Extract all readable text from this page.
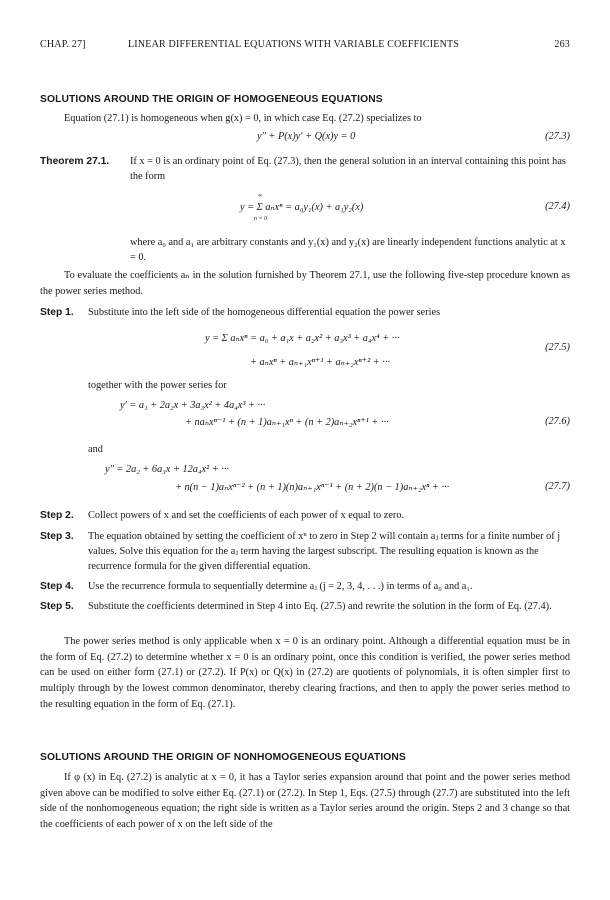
CHAP. 27]	LINEAR DIFFERENTIAL EQUATIONS WITH VARIABLE COEFFICIENTS	263
SOLUTIONS AROUND THE ORIGIN OF HOMOGENEOUS EQUATIONS

Equation (27.1) is homogeneous when g(x) = 0, in which case Eq. (27.2) specializes to

y″ + P(x)y′ + Q(x)y = 0	(27.3)
Theorem 27.1. If x = 0 is an ordinary point of Eq. (27.3), then the general solution in an interval containing this point has the form
∞
n = 0
y = Σ aₙxⁿ = a₀y₁(x) + a₁y₂(x)	(27.4)
where a₀ and a₁ are arbitrary constants and y₁(x) and y₂(x) are linearly independent functions analytic at x = 0.

To evaluate the coefficients aₙ in the solution furnished by Theorem 27.1, use the following five-step procedure known as the power series method.

Step 1. Substitute into the left side of the homogeneous differential equation the power series
y = Σ aₙxⁿ = a₀ + a₁x + a₂x² + a₃x³ + a₄x⁴ + ···
(27.5)
+ aₙxⁿ + aₙ₊₁xⁿ⁺¹ + aₙ₊₂xⁿ⁺² + ···
together with the power series for
y′ = a₁ + 2a₂x + 3a₃x² + 4a₄x³ + ···
+ naₙxⁿ⁻¹ + (n + 1)aₙ₊₁xⁿ + (n + 2)aₙ₊₂xⁿ⁺¹ + ···	(27.6)
and
y″ = 2a₂ + 6a₃x + 12a₄x² + ···
+ n(n − 1)aₙxⁿ⁻² + (n + 1)(n)aₙ₊₁xⁿ⁻¹ + (n + 2)(n − 1)aₙ₊₂xⁿ + ···	(27.7)
Step 2. Collect powers of x and set the coefficients of each power of x equal to zero.
Step 3. The equation obtained by setting the coefficient of xⁿ to zero in Step 2 will contain aⱼ terms for a finite number of j values. Solve this equation for the aⱼ term having the largest subscript. The resulting equation is known as the recurrence formula for the given differential equation.
Step 4. Use the recurrence formula to sequentially determine aⱼ (j = 2, 3, 4, . . .) in terms of a₀ and a₁.
Step 5. Substitute the coefficients determined in Step 4 into Eq. (27.5) and rewrite the solution in the form of Eq. (27.4).

The power series method is only applicable when x = 0 is an ordinary point. Although a differential equation must be in the form of Eq. (27.2) to determine whether x = 0 is an ordinary point, once this condition is verified, the power series method can be used on either form (27.1) or (27.2). If P(x) or Q(x) in (27.2) are quotients of polynomials, it is often simpler first to multiply through by the lowest common denominator, thereby clearing fractions, and then to apply the power series method to the resulting equation in the form of Eq. (27.1).

SOLUTIONS AROUND THE ORIGIN OF NONHOMOGENEOUS EQUATIONS

If φ (x) in Eq. (27.2) is analytic at x = 0, it has a Taylor series expansion around that point and the power series method given above can be modified to solve either Eq. (27.1) or (27.2). In Step 1, Eqs. (27.5) through (27.7) are substituted into the left side of the nonhomogeneous equation; the right side is written as a Taylor series around the origin. Steps 2 and 3 change so that the coefficients of each power of x on the left side of the
